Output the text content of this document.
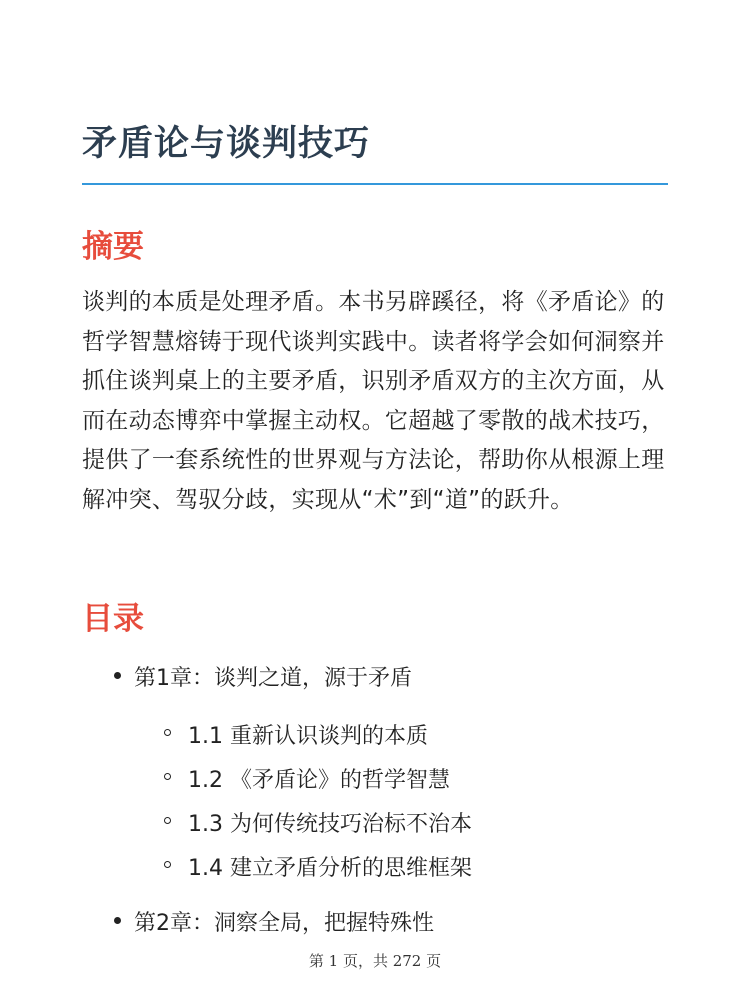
矛盾论与谈判技巧
摘要

谈判的本质是处理矛盾。本书另辟蹊径，将《矛盾论》的哲学智慧熔铸于现代谈判实践中。读者将学会如何洞察并抓住谈判桌上的主要矛盾，识别矛盾双方的主次方面，从而在动态博弈中掌握主动权。它超越了零散的战术技巧，提供了一套系统性的世界观与方法论，帮助你从根源上理解冲突、驾驭分歧，实现从“术”到“道”的跃升。

目录
第1章：谈判之道，源于矛盾
1.1 重新认识谈判的本质
1.2 《矛盾论》的哲学智慧
1.3 为何传统技巧治标不治本
1.4 建立矛盾分析的思维框架
第2章：洞察全局，把握特殊性
第 1 页，共 272 页
